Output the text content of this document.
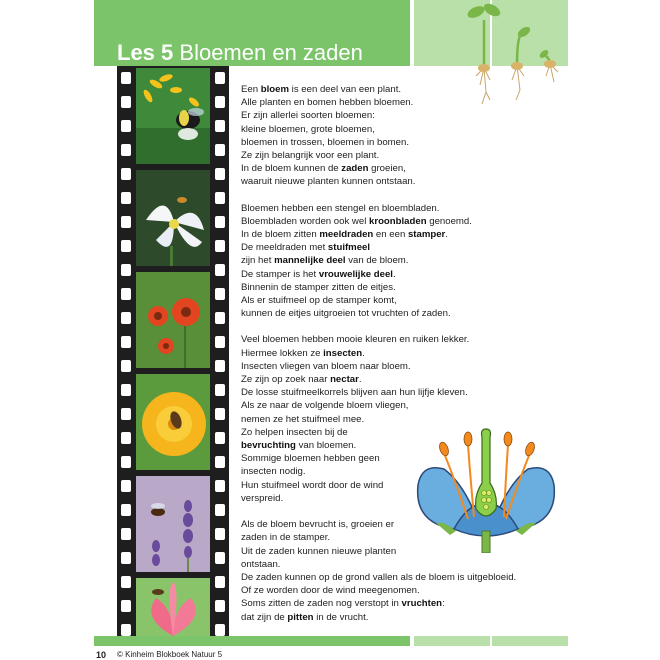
Les 5 Bloemen en zaden

Een bloem is een deel van een plant.
Alle planten en bomen hebben bloemen.
Er zijn allerlei soorten bloemen:
kleine bloemen, grote bloemen,
bloemen in trossen, bloemen in bomen.
Ze zijn belangrijk voor een plant.
In de bloem kunnen de zaden groeien,
waaruit nieuwe planten kunnen ontstaan.

Bloemen hebben een stengel en bloembladen.
Bloembladen worden ook wel kroonbladen genoemd.
In de bloem zitten meeldraden en een stamper.
De meeldraden met stuifmeel
zijn het mannelijke deel van de bloem.
De stamper is het vrouwelijke deel.
Binnenin de stamper zitten de eitjes.
Als er stuifmeel op de stamper komt,
kunnen de eitjes uitgroeien tot vruchten of zaden.

Veel bloemen hebben mooie kleuren en ruiken lekker.
Hiermee lokken ze insecten.
Insecten vliegen van bloem naar bloem.
Ze zijn op zoek naar nectar.
De losse stuifmeelkorrels blijven aan hun lijfje kleven.
Als ze naar de volgende bloem vliegen,
nemen ze het stuifmeel mee.
Zo helpen insecten bij de
bevruchting van bloemen.
Sommige bloemen hebben geen
insecten nodig.
Hun stuifmeel wordt door de wind
verspreid.

Als de bloem bevrucht is, groeien er
zaden in de stamper.
Uit de zaden kunnen nieuwe planten
ontstaan.
De zaden kunnen op de grond vallen als de bloem is uitgebloeid.
Of ze worden door de wind meegenomen.
Soms zitten de zaden nog verstopt in vruchten:
dat zijn de pitten in de vrucht.

10 © Kinheim Blokboek Natuur 5
